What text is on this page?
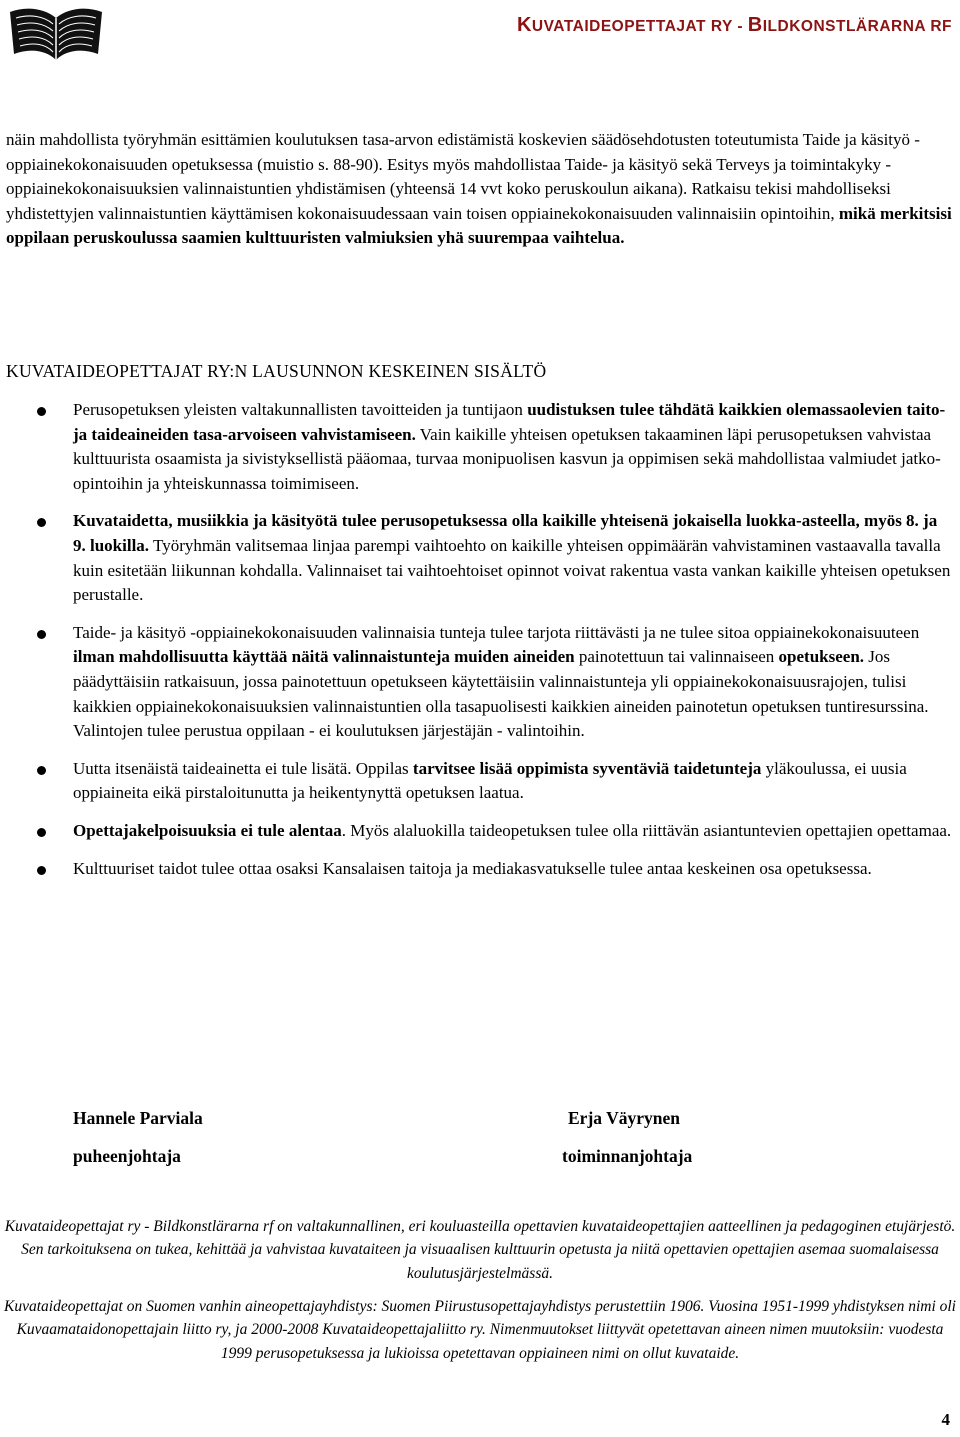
KUVATAIDEOPETTAJAT RY - BILDKONSTLÄRARNA RF

näin mahdollista työryhmän esittämien koulutuksen tasa-arvon edistämistä koskevien säädösehdotusten toteutumista Taide ja käsityö -oppiainekokonaisuuden opetuksessa (muistio s. 88-90). Esitys myös mahdollistaa Taide- ja käsityö sekä Terveys ja toimintakyky -oppiainekokonaisuuksien valinnaistuntien yhdistämisen (yhteensä 14 vvt koko peruskoulun aikana). Ratkaisu tekisi mahdolliseksi yhdistettyjen valinnaistuntien käyttämisen kokonaisuudessaan vain toisen oppiainekokonaisuuden valinnaisiin opintoihin, mikä merkitsisi oppilaan peruskoulussa saamien kulttuuristen valmiuksien yhä suurempaa vaihtelua.

KUVATAIDEOPETTAJAT RY:N LAUSUNNON KESKEINEN SISÄLTÖ
Perusopetuksen yleisten valtakunnallisten tavoitteiden ja tuntijaon uudistuksen tulee tähdätä kaikkien olemassaolevien taito- ja taideaineiden tasa-arvoiseen vahvistamiseen. Vain kaikille yhteisen opetuksen takaaminen läpi perusopetuksen vahvistaa kulttuurista osaamista ja sivistyksellistä pääomaa, turvaa monipuolisen kasvun ja oppimisen sekä mahdollistaa valmiudet jatko-opintoihin ja yhteiskunnassa toimimiseen.
Kuvataidetta, musiikkia ja käsityötä tulee perusopetuksessa olla kaikille yhteisenä jokaisella luokka-asteella, myös 8. ja 9. luokilla. Työryhmän valitsemaa linjaa parempi vaihtoehto on kaikille yhteisen oppimäärän vahvistaminen vastaavalla tavalla kuin esitetään liikunnan kohdalla. Valinnaiset tai vaihtoehtoiset opinnot voivat rakentua vasta vankan kaikille yhteisen opetuksen perustalle.
Taide- ja käsityö -oppiainekokonaisuuden valinnaisia tunteja tulee tarjota riittävästi ja ne tulee sitoa oppiainekokonaisuuteen ilman mahdollisuutta käyttää näitä valinnaistunteja muiden aineiden painotettuun tai valinnaiseen opetukseen. Jos päädyttäisiin ratkaisuun, jossa painotettuun opetukseen käytettäisiin valinnaistunteja yli oppiainekokonaisuusrajojen, tulisi kaikkien oppiainekokonaisuuksien valinnaistuntien olla tasapuolisesti kaikkien aineiden painotetun opetuksen tuntiresurssina. Valintojen tulee perustua oppilaan - ei koulutuksen järjestäjän - valintoihin.
Uutta itsenäistä taideainetta ei tule lisätä. Oppilas tarvitsee lisää oppimista syventäviä taidetunteja yläkoulussa, ei uusia oppiaineita eikä pirstaloitunutta ja heikentynyttä opetuksen laatua.
Opettajakelpoisuuksia ei tule alentaa. Myös alaluokilla taideopetuksen tulee olla riittävän asiantuntevien opettajien opettamaa.
Kulttuuriset taidot tulee ottaa osaksi Kansalaisen taitoja ja mediakasvatukselle tulee antaa keskeinen osa opetuksessa.
Hannele Parviala
puheenjohtaja
Erja Väyrynen
toiminnanjohtaja

Kuvataideopettajat ry - Bildkonstlärarna rf on valtakunnallinen, eri kouluasteilla opettavien kuvataideopettajien aatteellinen ja pedagoginen etujärjestö. Sen tarkoituksena on tukea, kehittää ja vahvistaa kuvataiteen ja visuaalisen kulttuurin opetusta ja niitä opettavien opettajien asemaa suomalaisessa koulutusjärjestelmässä.

Kuvataideopettajat on Suomen vanhin aineopettajayhdistys: Suomen Piirustusopettajayhdistys perustettiin 1906. Vuosina 1951-1999 yhdistyksen nimi oli Kuvaamataidonopettajain liitto ry, ja 2000-2008 Kuvataideopettajaliitto ry. Nimenmuutokset liittyvät opetettavan aineen nimen muutoksiin: vuodesta 1999 perusopetuksessa ja lukioissa opetettavan oppiaineen nimi on ollut kuvataide.

4
